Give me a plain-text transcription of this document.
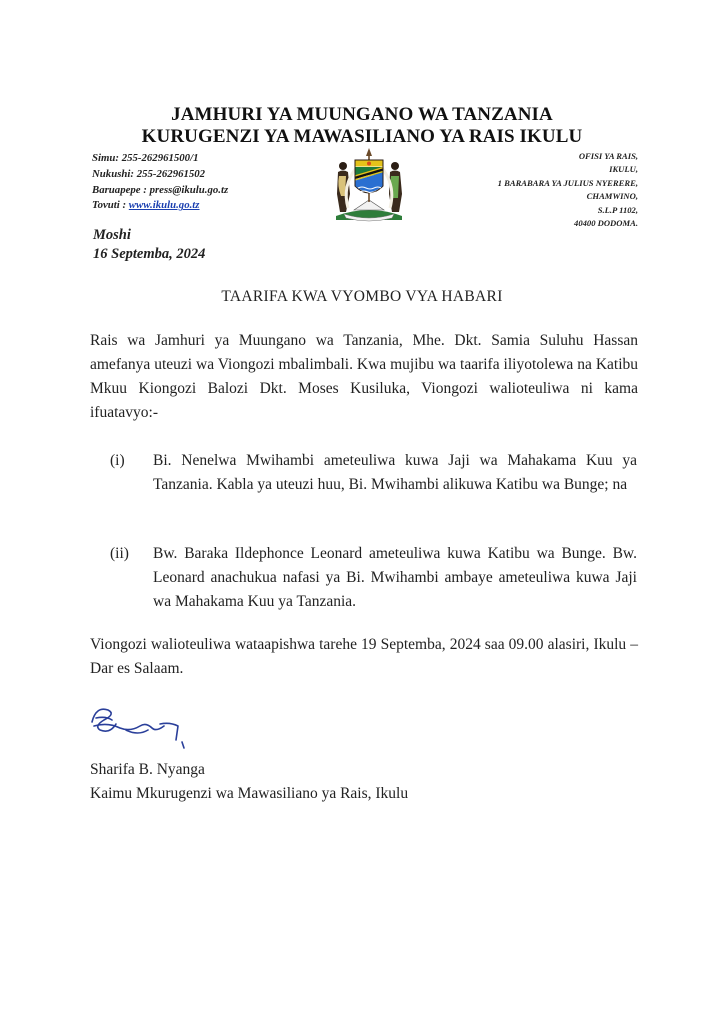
JAMHURI YA MUUNGANO WA TANZANIA
KURUGENZI YA MAWASILIANO YA RAIS IKULU
Simu: 255-262961500/1
Nukushi: 255-262961502
Baruapepe : press@ikulu.go.tz
Tovuti : www.ikulu.go.tz
OFISI YA RAIS,
IKULU,
1 BARABARA YA JULIUS NYERERE,
CHAMWINO,
S.L.P 1102,
40400 DODOMA.
Moshi
16 Septemba, 2024
TAARIFA KWA VYOMBO VYA HABARI
Rais wa Jamhuri ya Muungano wa Tanzania, Mhe. Dkt. Samia Suluhu Hassan amefanya uteuzi wa Viongozi mbalimbali. Kwa mujibu wa taarifa iliyotolewa na Katibu Mkuu Kiongozi Balozi Dkt. Moses Kusiluka, Viongozi walioteuliwa ni kama ifuatavyo:-
(i) Bi. Nenelwa Mwihambi ameteuliwa kuwa Jaji wa Mahakama Kuu ya Tanzania. Kabla ya uteuzi huu, Bi. Mwihambi alikuwa Katibu wa Bunge; na
(ii) Bw. Baraka Ildephonce Leonard ameteuliwa kuwa Katibu wa Bunge. Bw. Leonard anachukua nafasi ya Bi. Mwihambi ambaye ameteuliwa kuwa Jaji wa Mahakama Kuu ya Tanzania.
Viongozi walioteuliwa wataapishwa tarehe 19 Septemba, 2024 saa 09.00 alasiri, Ikulu – Dar es Salaam.
Sharifa B. Nyanga
Kaimu Mkurugenzi wa Mawasiliano ya Rais, Ikulu
